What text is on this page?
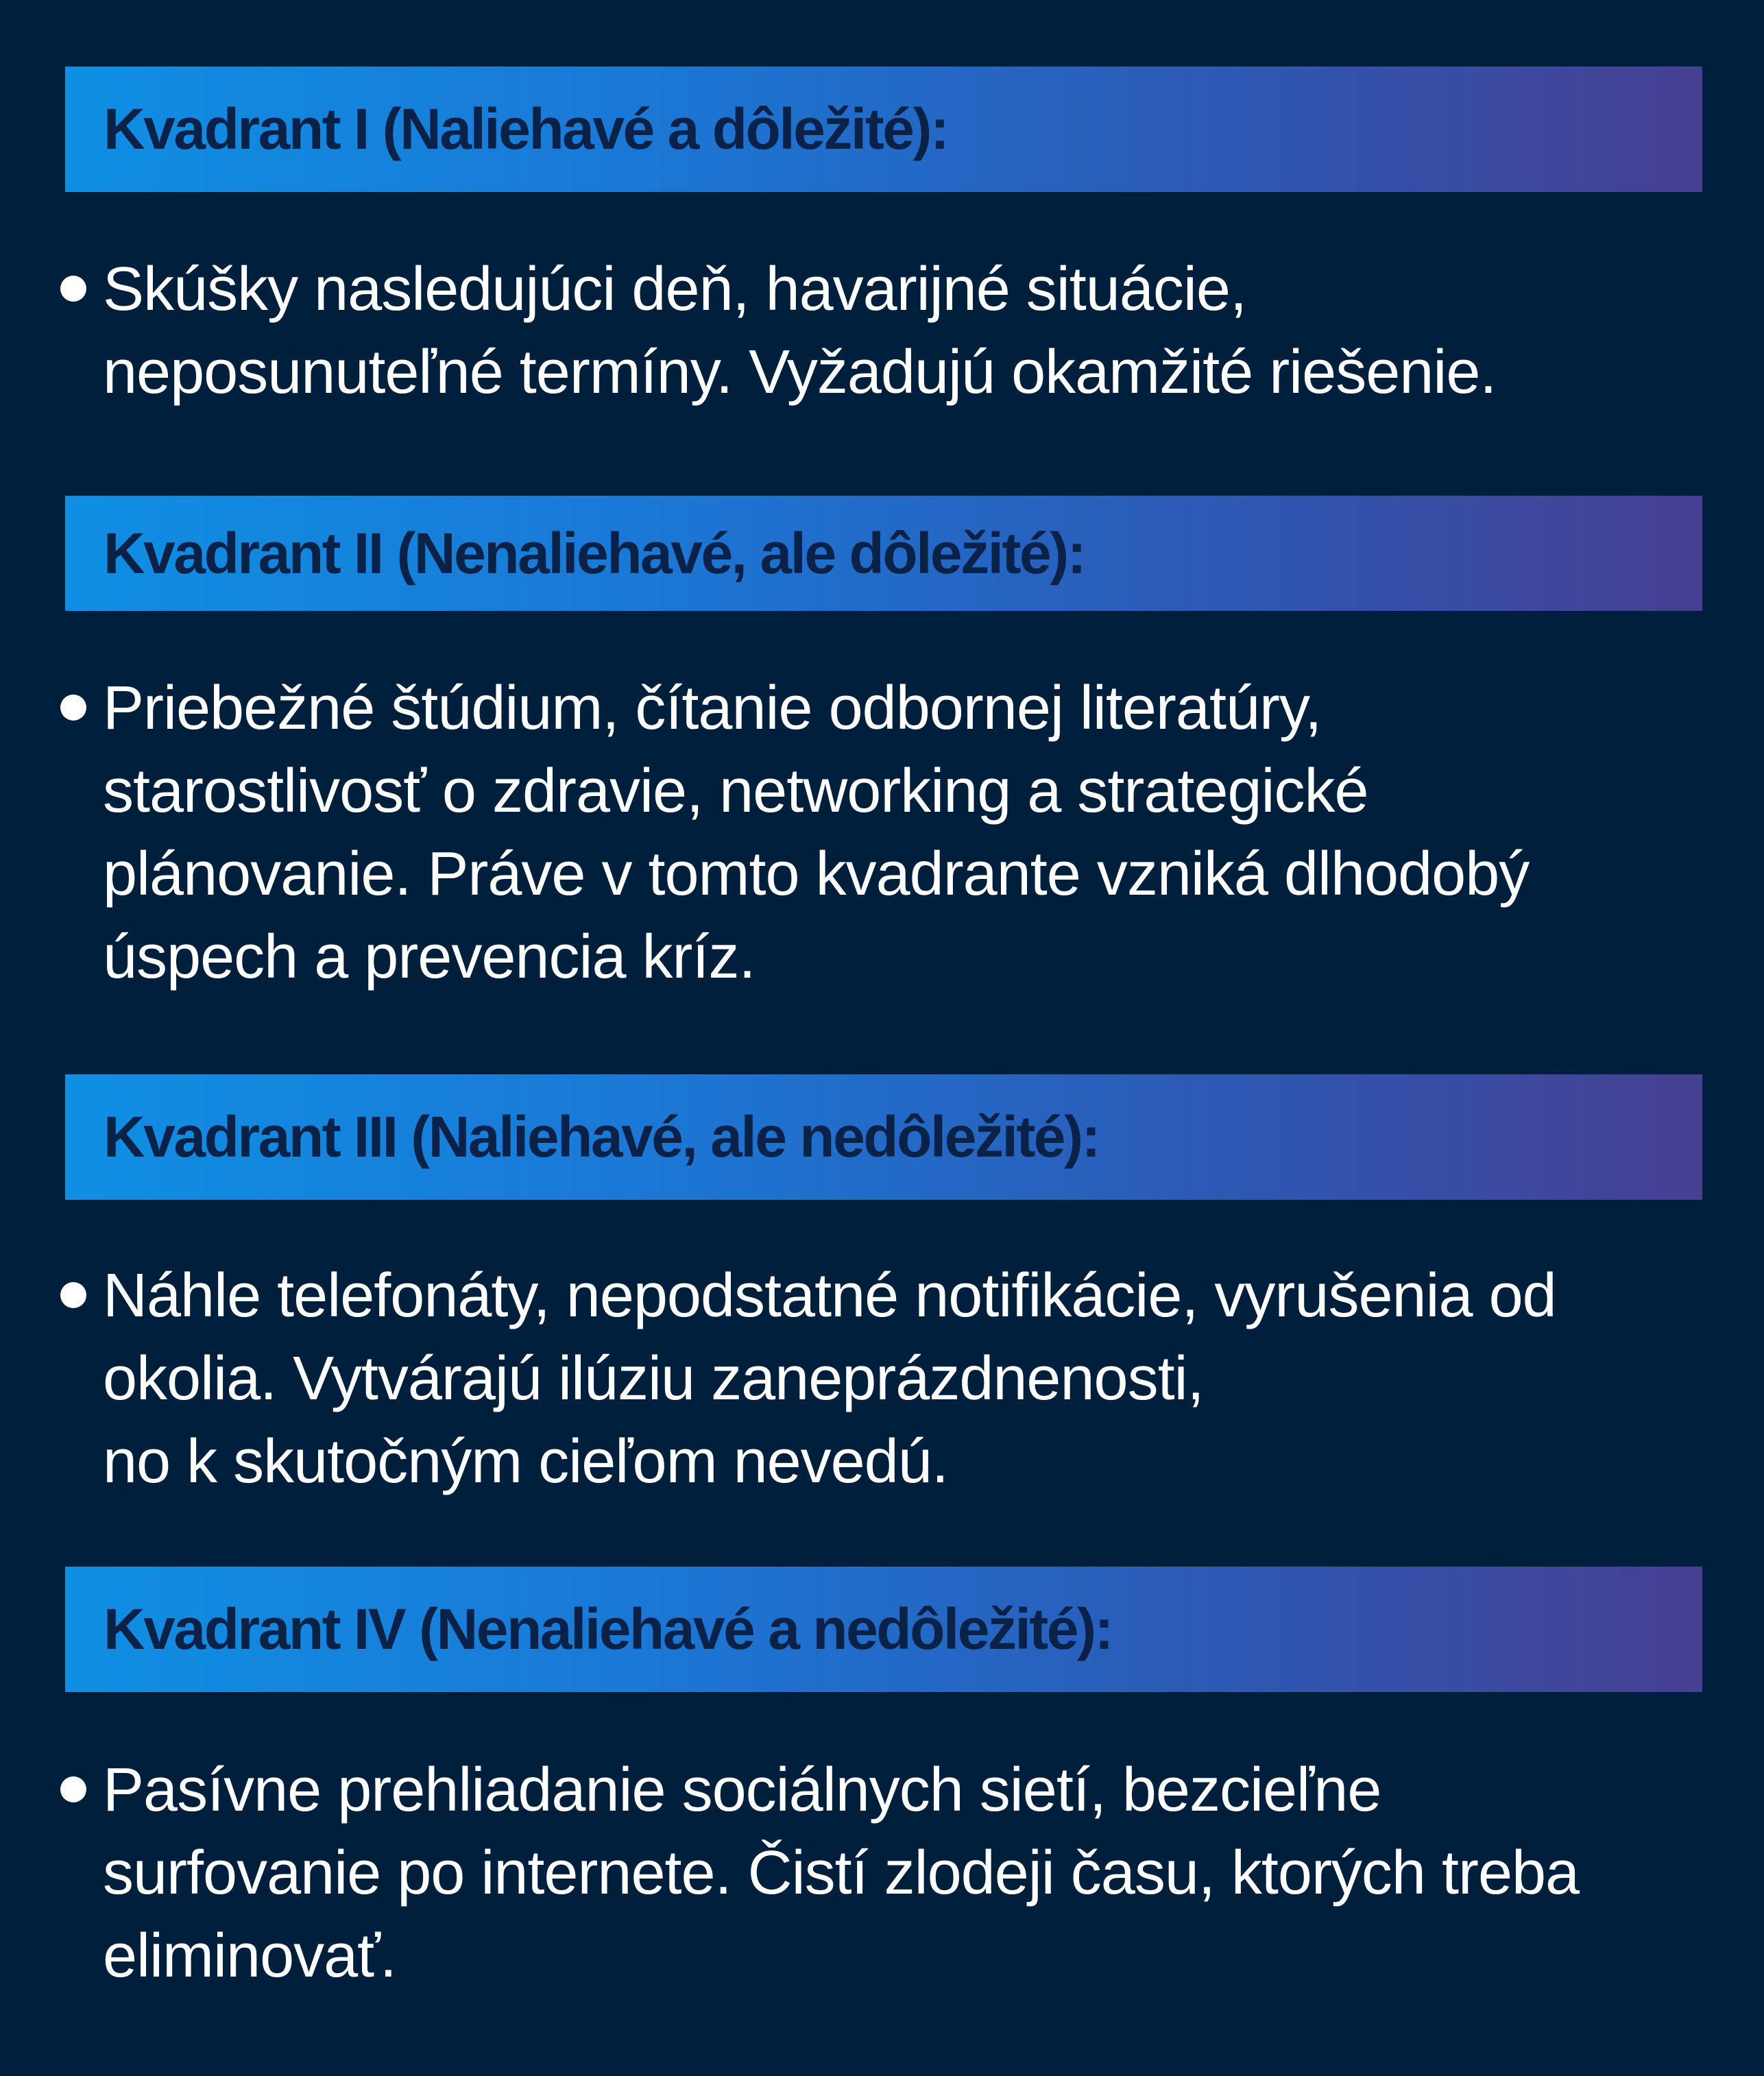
Kvadrant I (Naliehavé a dôležité):
Skúšky nasledujúci deň, havarijné situácie,
neposunuteľné termíny. Vyžadujú okamžité riešenie.
Kvadrant II (Nenaliehavé, ale dôležité):
Priebežné štúdium, čítanie odbornej literatúry,
starostlivosť o zdravie, networking a strategické
plánovanie. Práve v tomto kvadrante vzniká dlhodobý
úspech a prevencia kríz.
Kvadrant III (Naliehavé, ale nedôležité):
Náhle telefonáty, nepodstatné notifikácie, vyrušenia od
okolia. Vytvárajú ilúziu zaneprázdnenosti,
no k skutočným cieľom nevedú.
Kvadrant IV (Nenaliehavé a nedôležité):
Pasívne prehliadanie sociálnych sietí, bezcieľne
surfovanie po internete. Čistí zlodeji času, ktorých treba
eliminovať.
